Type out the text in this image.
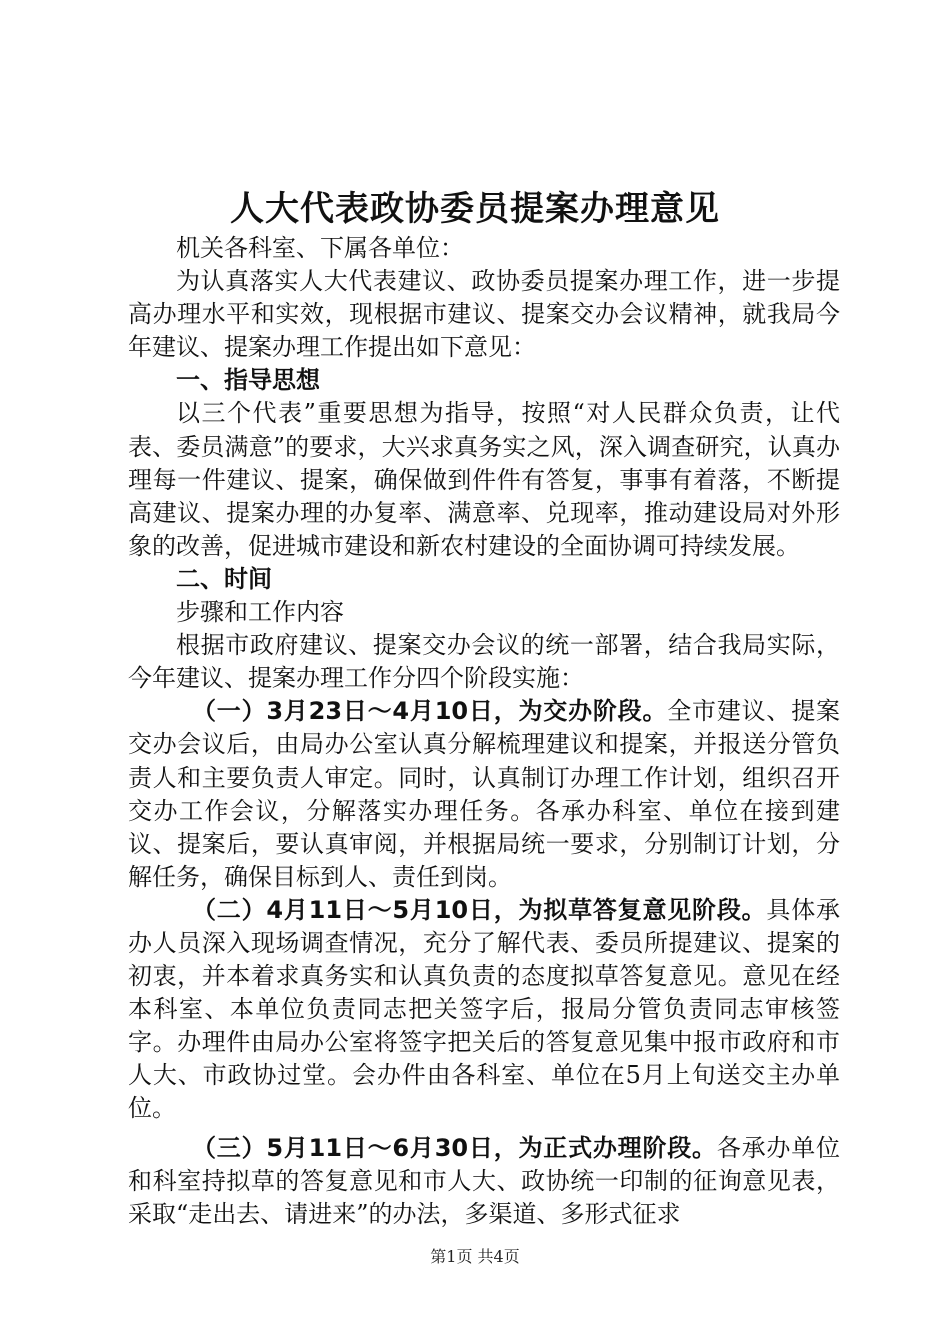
人大代表政协委员提案办理意见

机关各科室、下属各单位：

为认真落实人大代表建议、政协委员提案办理工作，进一步提高办理水平和实效，现根据市建议、提案交办会议精神，就我局今年建议、提案办理工作提出如下意见：

一、指导思想

以三个代表”重要思想为指导，按照“对人民群众负责，让代表、委员满意”的要求，大兴求真务实之风，深入调查研究，认真办理每一件建议、提案，确保做到件件有答复，事事有着落，不断提高建议、提案办理的办复率、满意率、兑现率，推动建设局对外形象的改善，促进城市建设和新农村建设的全面协调可持续发展。

二、时间

步骤和工作内容

根据市政府建议、提案交办会议的统一部署，结合我局实际，今年建议、提案办理工作分四个阶段实施：

（一）3月23日～4月10日，为交办阶段。全市建议、提案交办会议后，由局办公室认真分解梳理建议和提案，并报送分管负责人和主要负责人审定。同时，认真制订办理工作计划，组织召开交办工作会议，分解落实办理任务。各承办科室、单位在接到建议、提案后，要认真审阅，并根据局统一要求，分别制订计划，分解任务，确保目标到人、责任到岗。

（二）4月11日～5月10日，为拟草答复意见阶段。具体承办人员深入现场调查情况，充分了解代表、委员所提建议、提案的初衷，并本着求真务实和认真负责的态度拟草答复意见。意见在经本科室、本单位负责同志把关签字后，报局分管负责同志审核签字。办理件由局办公室将签字把关后的答复意见集中报市政府和市人大、市政协过堂。会办件由各科室、单位在5月上旬送交主办单位。

（三）5月11日～6月30日，为正式办理阶段。各承办单位和科室持拟草的答复意见和市人大、政协统一印制的征询意见表，采取“走出去、请进来”的办法，多渠道、多形式征求

第1页 共4页
